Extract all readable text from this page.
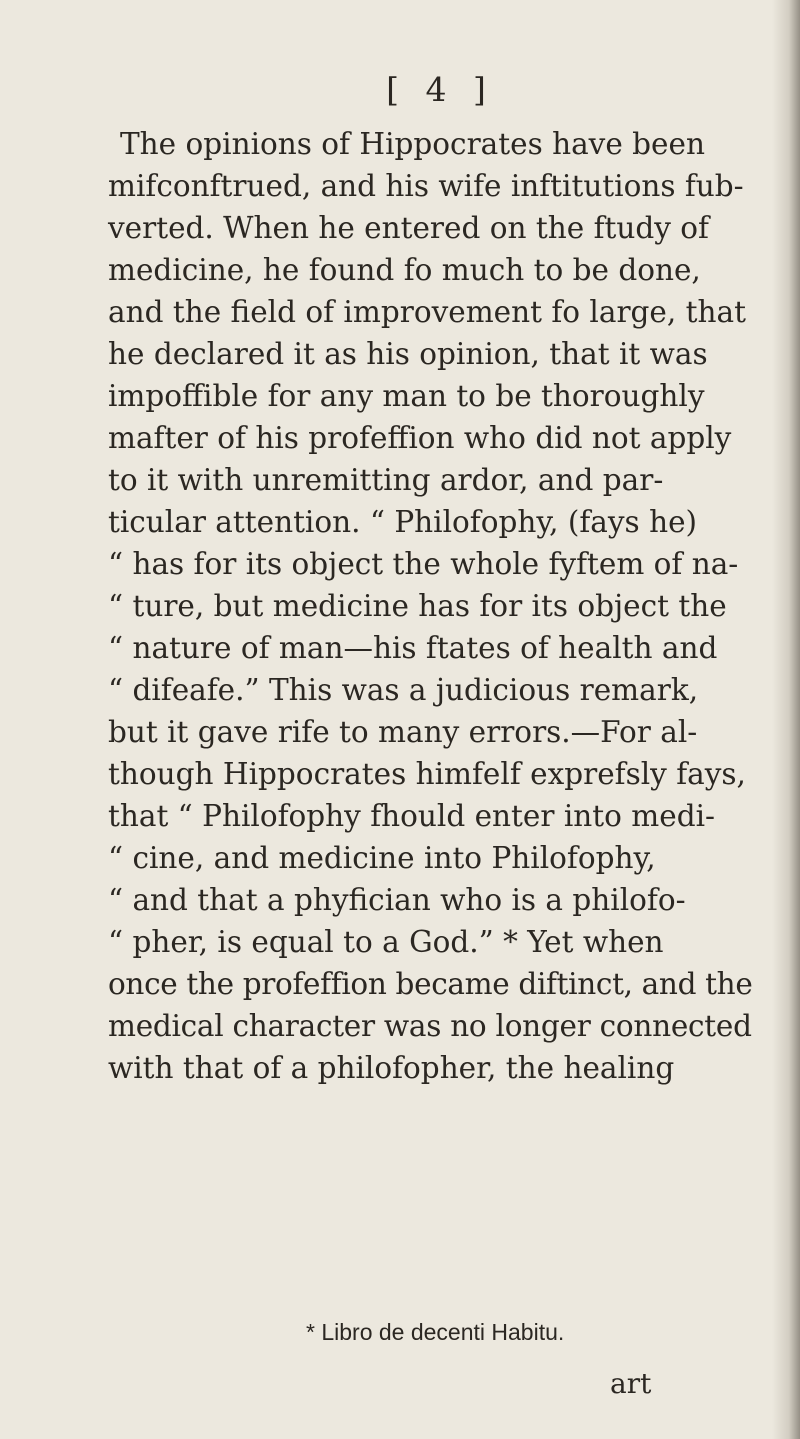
[ 4 ]
The opinions of Hippocrates have been
mifconftrued, and his wife inftitutions fub-
verted. When he entered on the ftudy of
medicine, he found fo much to be done,
and the field of improvement fo large, that
he declared it as his opinion, that it was
impoffible for any man to be thoroughly
mafter of his profeffion who did not apply
to it with unremitting ardor, and par-
ticular attention. “ Philofophy, (fays he)
“ has for its object the whole fyftem of na-
“ ture, but medicine has for its object the
“ nature of man—his ftates of health and
“ difeafe.” This was a judicious remark,
but it gave rife to many errors.—For al-
though Hippocrates himfelf exprefsly fays,
that “ Philofophy fhould enter into medi-
“ cine, and medicine into Philofophy,
“ and that a phyfician who is a philofo-
“ pher, is equal to a God.” * Yet when
once the profeffion became diftinct, and the
medical character was no longer connected
with that of a philofopher, the healing
* Libro de decenti Habitu.
art
